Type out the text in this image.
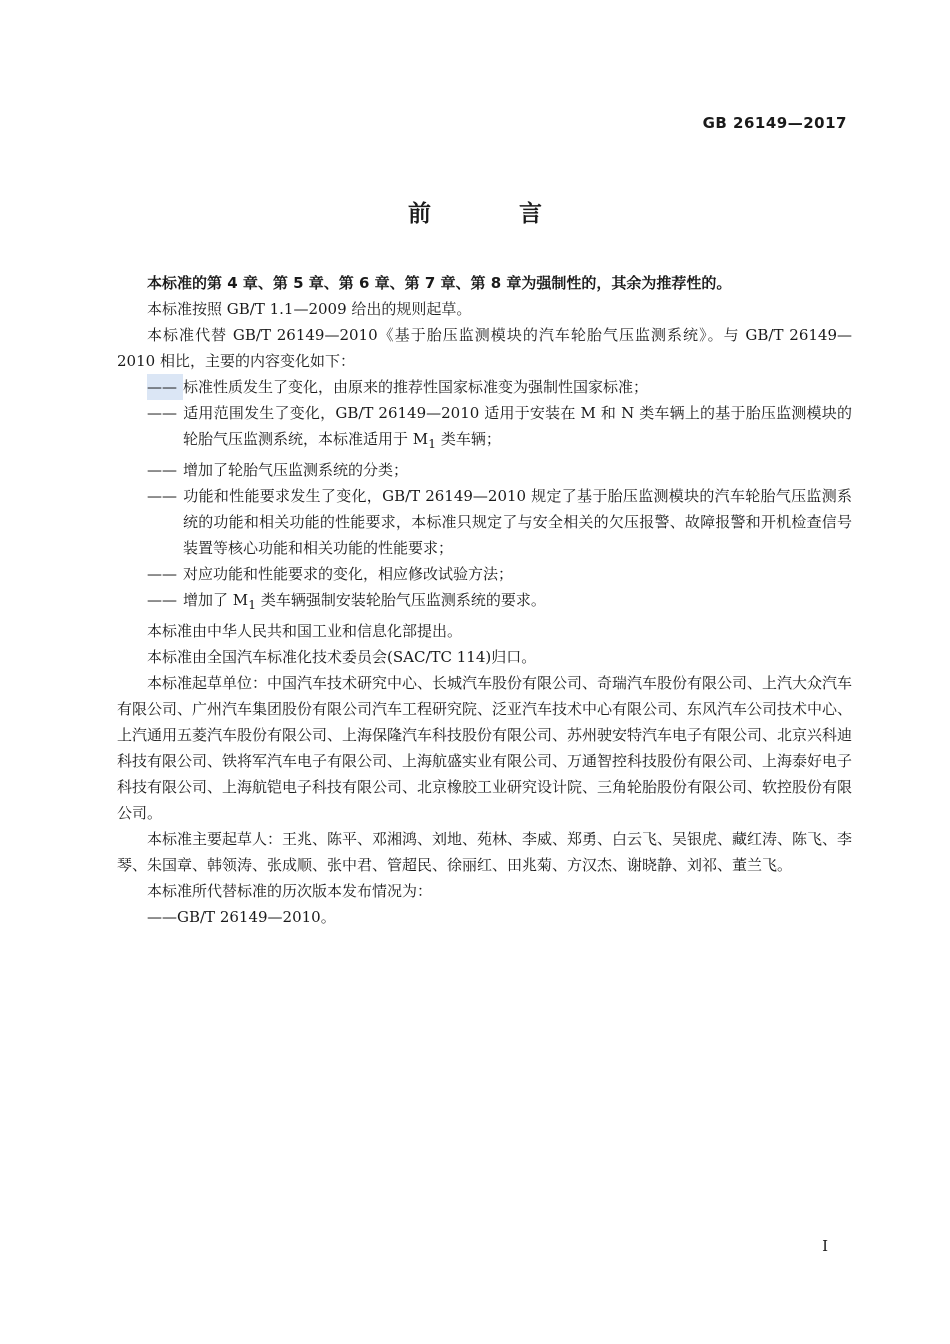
GB 26149—2017
前 言

本标准的第 4 章、第 5 章、第 6 章、第 7 章、第 8 章为强制性的，其余为推荐性的。

本标准按照 GB/T 1.1—2009 给出的规则起草。

本标准代替 GB/T 26149—2010《基于胎压监测模块的汽车轮胎气压监测系统》。与 GB/T 26149—2010 相比，主要的内容变化如下：

—— 标准性质发生了变化，由原来的推荐性国家标准变为强制性国家标准；

—— 适用范围发生了变化，GB/T 26149—2010 适用于安装在 M 和 N 类车辆上的基于胎压监测模块的轮胎气压监测系统，本标准适用于 $M_1$ 类车辆；

—— 增加了轮胎气压监测系统的分类；

—— 功能和性能要求发生了变化，GB/T 26149—2010 规定了基于胎压监测模块的汽车轮胎气压监测系统的功能和相关功能的性能要求，本标准只规定了与安全相关的欠压报警、故障报警和开机检查信号装置等核心功能和相关功能的性能要求；

—— 对应功能和性能要求的变化，相应修改试验方法；

—— 增加了 $M_1$ 类车辆强制安装轮胎气压监测系统的要求。

本标准由中华人民共和国工业和信息化部提出。

本标准由全国汽车标准化技术委员会(SAC/TC 114)归口。

本标准起草单位：中国汽车技术研究中心、长城汽车股份有限公司、奇瑞汽车股份有限公司、上汽大众汽车有限公司、广州汽车集团股份有限公司汽车工程研究院、泛亚汽车技术中心有限公司、东风汽车公司技术中心、上汽通用五菱汽车股份有限公司、上海保隆汽车科技股份有限公司、苏州驶安特汽车电子有限公司、北京兴科迪科技有限公司、铁将军汽车电子有限公司、上海航盛实业有限公司、万通智控科技股份有限公司、上海泰好电子科技有限公司、上海航铠电子科技有限公司、北京橡胶工业研究设计院、三角轮胎股份有限公司、软控股份有限公司。

本标准主要起草人：王兆、陈平、邓湘鸿、刘地、苑林、李威、郑勇、白云飞、吴银虎、藏红涛、陈飞、李琴、朱国章、韩领涛、张成顺、张中君、管超民、徐丽红、田兆菊、方汉杰、谢晓静、刘祁、董兰飞。

本标准所代替标准的历次版本发布情况为：

——GB/T 26149—2010。

I
